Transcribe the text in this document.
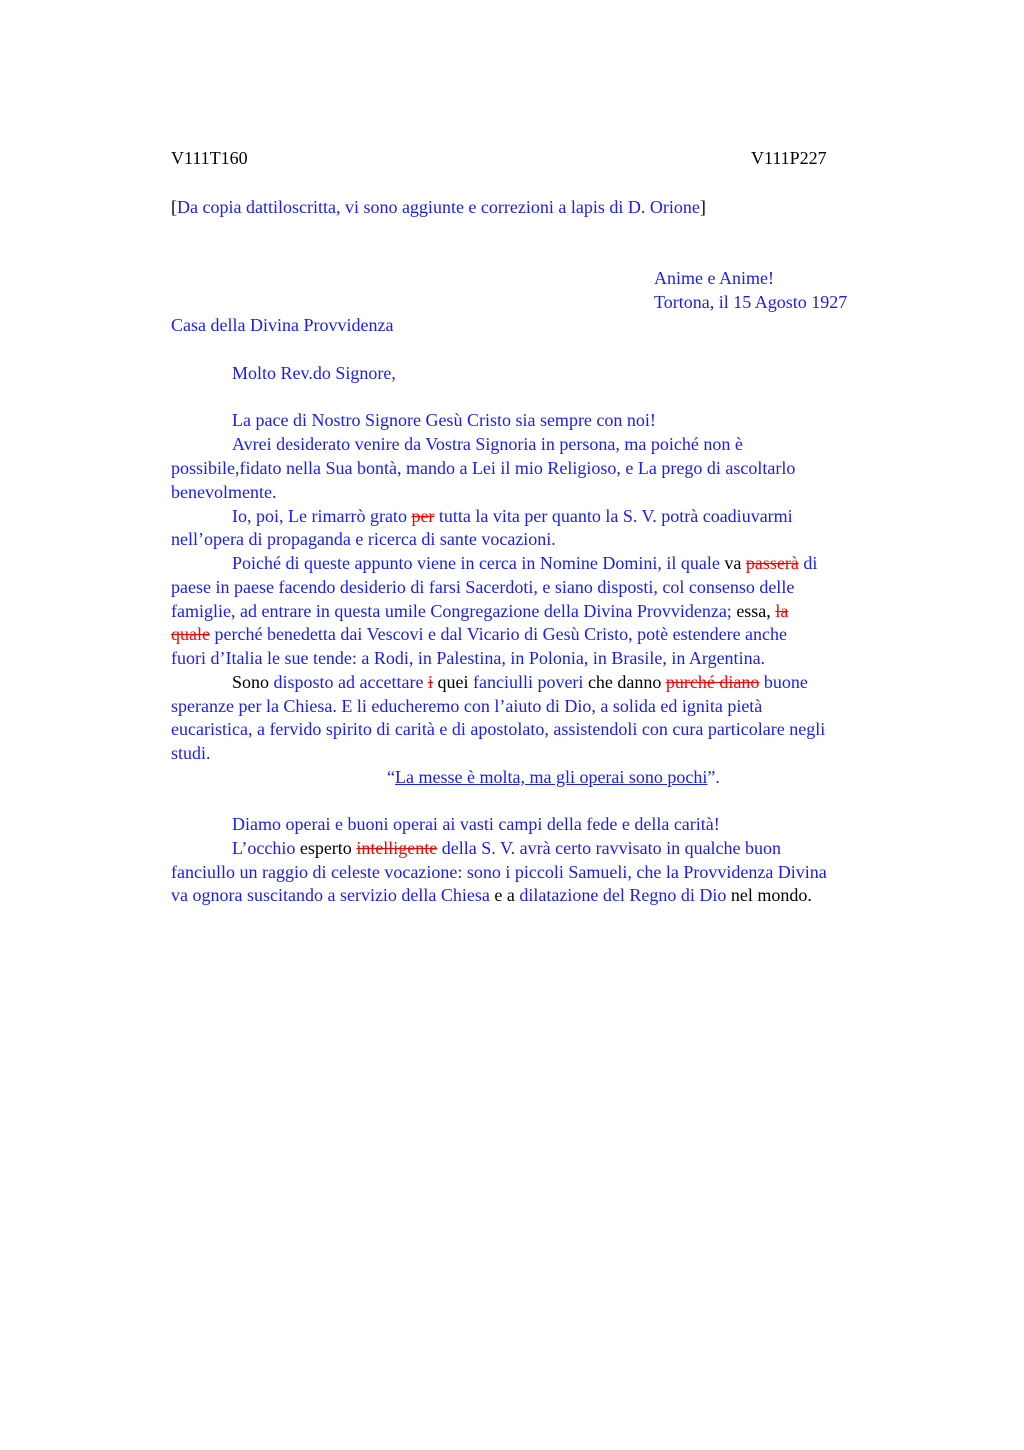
V111T160	V111P227
[Da copia dattiloscritta, vi sono aggiunte e correzioni a lapis di D. Orione]
Anime e Anime!
Tortona, il 15 Agosto 1927
Casa della Divina Provvidenza
Molto Rev.do Signore,
La pace di Nostro Signore Gesù Cristo sia sempre con noi!
Avrei desiderato venire da Vostra Signoria in persona, ma poiché non è
possibile,fidato nella Sua bontà, mando a Lei il mio Religioso, e La prego di ascoltarlo
benevolmente.
Io, poi, Le rimarrò grato per tutta la vita per quanto la S. V. potrà coadiuvarmi
nell’opera di propaganda e ricerca di sante vocazioni.
Poiché di queste appunto viene in cerca in Nomine Domini, il quale va passerà di
paese in paese facendo desiderio di farsi Sacerdoti, e siano disposti, col consenso delle
famiglie, ad entrare in questa umile Congregazione della Divina Provvidenza; essa, la
quale perché benedetta dai Vescovi e dal Vicario di Gesù Cristo, potè estendere anche
fuori d’Italia le sue tende: a Rodi, in Palestina, in Polonia, in Brasile, in Argentina.
Sono disposto ad accettare i quei fanciulli poveri che danno purché diano buone
speranze per la Chiesa. E li educheremo con l’aiuto di Dio, a solida ed ignita pietà
eucaristica, a fervido spirito di carità e di apostolato, assistendoli con cura particolare negli
studi.
“La messe è molta, ma gli operai sono pochi”.
Diamo operai e buoni operai ai vasti campi della fede e della carità!
L’occhio esperto intelligente della S. V. avrà certo ravvisato in qualche buon
fanciullo un raggio di celeste vocazione: sono i piccoli Samueli, che la Provvidenza Divina
va ognora suscitando a servizio della Chiesa e a dilatazione del Regno di Dio nel mondo.
